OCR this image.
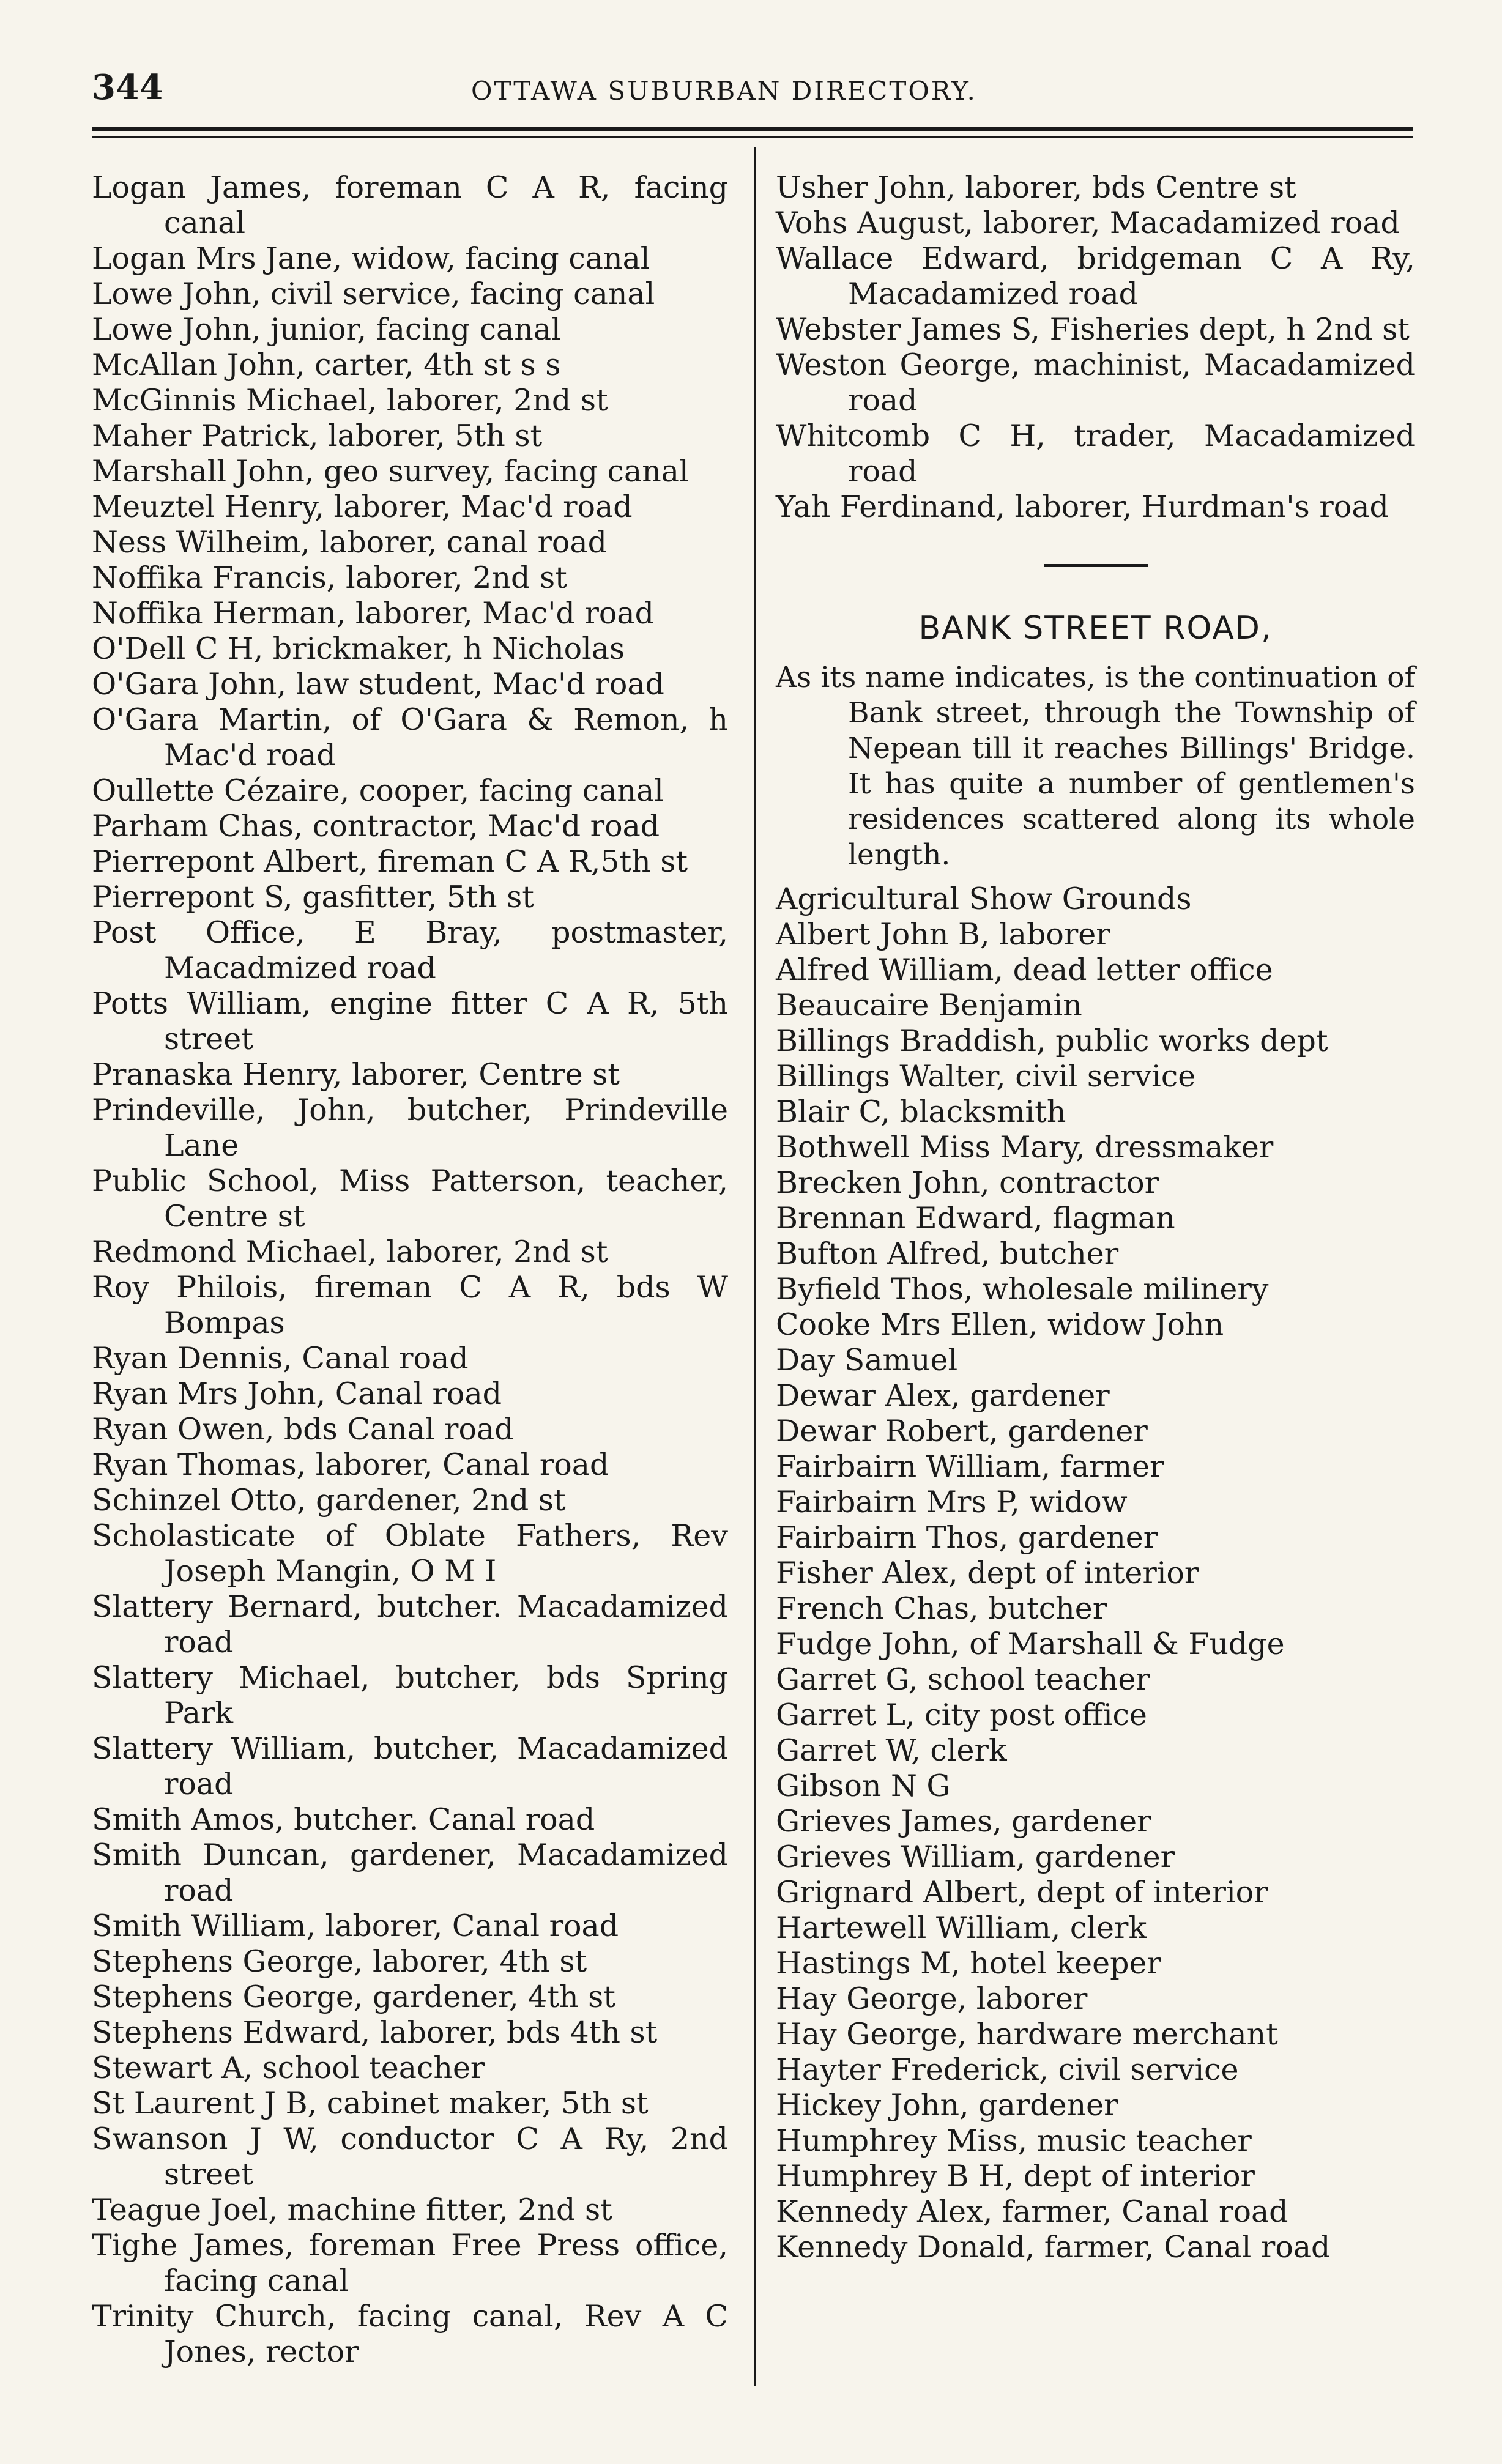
344	OTTAWA SUBURBAN DIRECTORY.
Logan James, foreman C A R, facing canal
Logan Mrs Jane, widow, facing canal
Lowe John, civil service, facing canal
Lowe John, junior, facing canal
McAllan John, carter, 4th st s s
McGinnis Michael, laborer, 2nd st
Maher Patrick, laborer, 5th st
Marshall John, geo survey, facing canal
Meuztel Henry, laborer, Mac'd road
Ness Wilheim, laborer, canal road
Noffika Francis, laborer, 2nd st
Noffika Herman, laborer, Mac'd road
O'Dell C H, brickmaker, h Nicholas
O'Gara John, law student, Mac'd road
O'Gara Martin, of O'Gara & Remon, h Mac'd road
Oullette Cézaire, cooper, facing canal
Parham Chas, contractor, Mac'd road
Pierrepont Albert, fireman C A R,5th st
Pierrepont S, gasfitter, 5th st
Post Office, E Bray, postmaster, Macadmized road
Potts William, engine fitter C A R, 5th street
Pranaska Henry, laborer, Centre st
Prindeville, John, butcher, Prindeville Lane
Public School, Miss Patterson, teacher, Centre st
Redmond Michael, laborer, 2nd st
Roy Philois, fireman C A R, bds W Bompas
Ryan Dennis, Canal road
Ryan Mrs John, Canal road
Ryan Owen, bds Canal road
Ryan Thomas, laborer, Canal road
Schinzel Otto, gardener, 2nd st
Scholasticate of Oblate Fathers, Rev Joseph Mangin, O M I
Slattery Bernard, butcher. Macadamized road
Slattery Michael, butcher, bds Spring Park
Slattery William, butcher, Macadamized road
Smith Amos, butcher. Canal road
Smith Duncan, gardener, Macadamized road
Smith William, laborer, Canal road
Stephens George, laborer, 4th st
Stephens George, gardener, 4th st
Stephens Edward, laborer, bds 4th st
Stewart A, school teacher
St Laurent J B, cabinet maker, 5th st
Swanson J W, conductor C A Ry, 2nd street
Teague Joel, machine fitter, 2nd st
Tighe James, foreman Free Press office, facing canal
Trinity Church, facing canal, Rev A C Jones, rector
Usher John, laborer, bds Centre st
Vohs August, laborer, Macadamized road
Wallace Edward, bridgeman C A Ry, Macadamized road
Webster James S, Fisheries dept, h 2nd st
Weston George, machinist, Macadamized road
Whitcomb C H, trader, Macadamized road
Yah Ferdinand, laborer, Hurdman's road
BANK STREET ROAD,
As its name indicates, is the continuation of Bank street, through the Township of Nepean till it reaches Billings' Bridge. It has quite a number of gentlemen's residences scattered along its whole length.
Agricultural Show Grounds
Albert John B, laborer
Alfred William, dead letter office
Beaucaire Benjamin
Billings Braddish, public works dept
Billings Walter, civil service
Blair C, blacksmith
Bothwell Miss Mary, dressmaker
Brecken John, contractor
Brennan Edward, flagman
Bufton Alfred, butcher
Byfield Thos, wholesale milinery
Cooke Mrs Ellen, widow John
Day Samuel
Dewar Alex, gardener
Dewar Robert, gardener
Fairbairn William, farmer
Fairbairn Mrs P, widow
Fairbairn Thos, gardener
Fisher Alex, dept of interior
French Chas, butcher
Fudge John, of Marshall & Fudge
Garret G, school teacher
Garret L, city post office
Garret W, clerk
Gibson N G
Grieves James, gardener
Grieves William, gardener
Grignard Albert, dept of interior
Hartewell William, clerk
Hastings M, hotel keeper
Hay George, laborer
Hay George, hardware merchant
Hayter Frederick, civil service
Hickey John, gardener
Humphrey Miss, music teacher
Humphrey B H, dept of interior
Kennedy Alex, farmer, Canal road
Kennedy Donald, farmer, Canal road
